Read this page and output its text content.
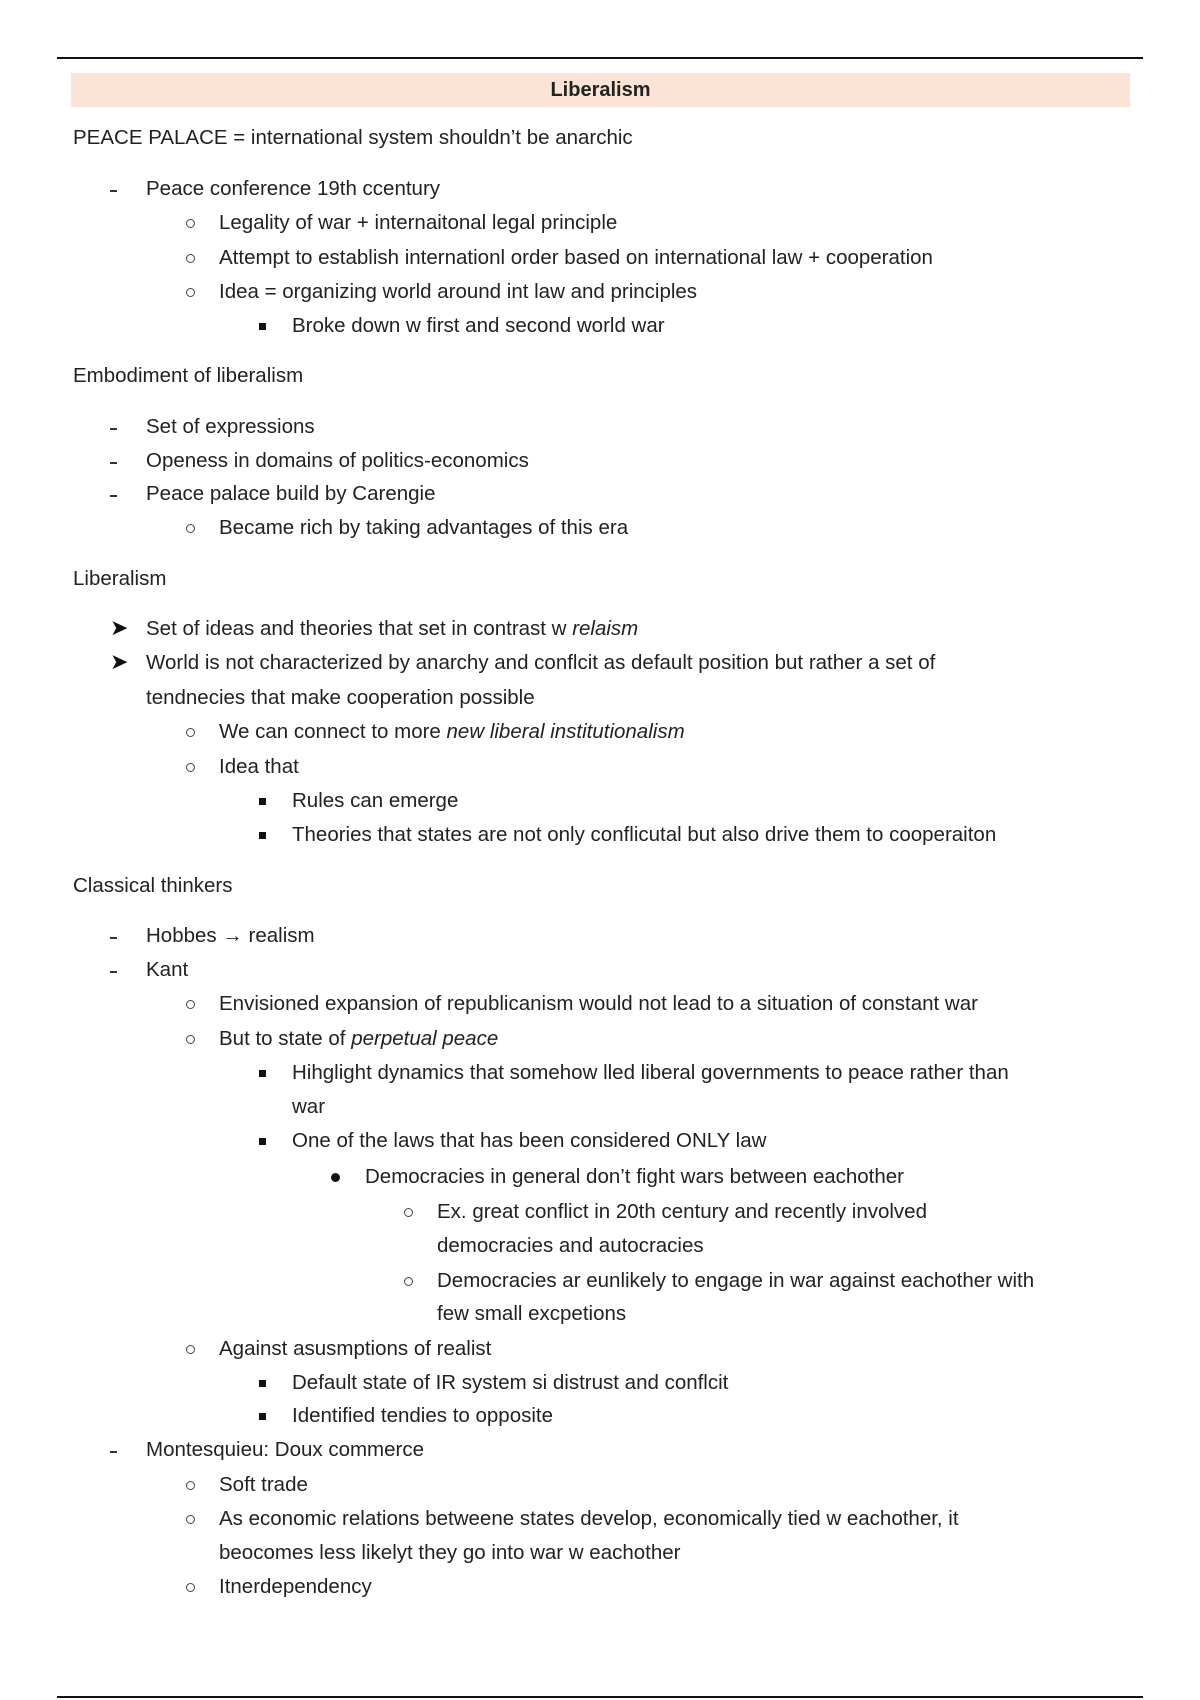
Liberalism
PEACE PALACE = international system shouldn’t be anarchic
Peace conference 19th ccentury
Legality of war + internaitonal legal principle
Attempt to establish internationl order based on international law + cooperation
Idea = organizing world around int law and principles
Broke down w first and second world war
Embodiment of liberalism
Set of expressions
Openess in domains of politics-economics
Peace palace build by Carengie
Became rich by taking advantages of this era
Liberalism
➤ Set of ideas and theories that set in contrast w relaism
➤ World is not characterized by anarchy and conflcit as default position but rather a set of
tendnecies that make cooperation possible
We can connect to more new liberal institutionalism
Idea that
Rules can emerge
Theories that states are not only conflicutal but also drive them to cooperaiton
Classical thinkers
Hobbes → realism
Kant
Envisioned expansion of republicanism would not lead to a situation of constant war
But to state of perpetual peace
Hihglight dynamics that somehow lled liberal governments to peace rather than
war
One of the laws that has been considered ONLY law
Democracies in general don’t fight wars between eachother
Ex. great conflict in 20th century and recently involved
democracies and autocracies
Democracies ar eunlikely to engage in war against eachother with
few small excpetions
Against asusmptions of realist
Default state of IR system si distrust and conflcit
Identified tendies to opposite
Montesquieu: Doux commerce
Soft trade
As economic relations betweene states develop, economically tied w eachother, it
beocomes less likelyt they go into war w eachother
Itnerdependency
